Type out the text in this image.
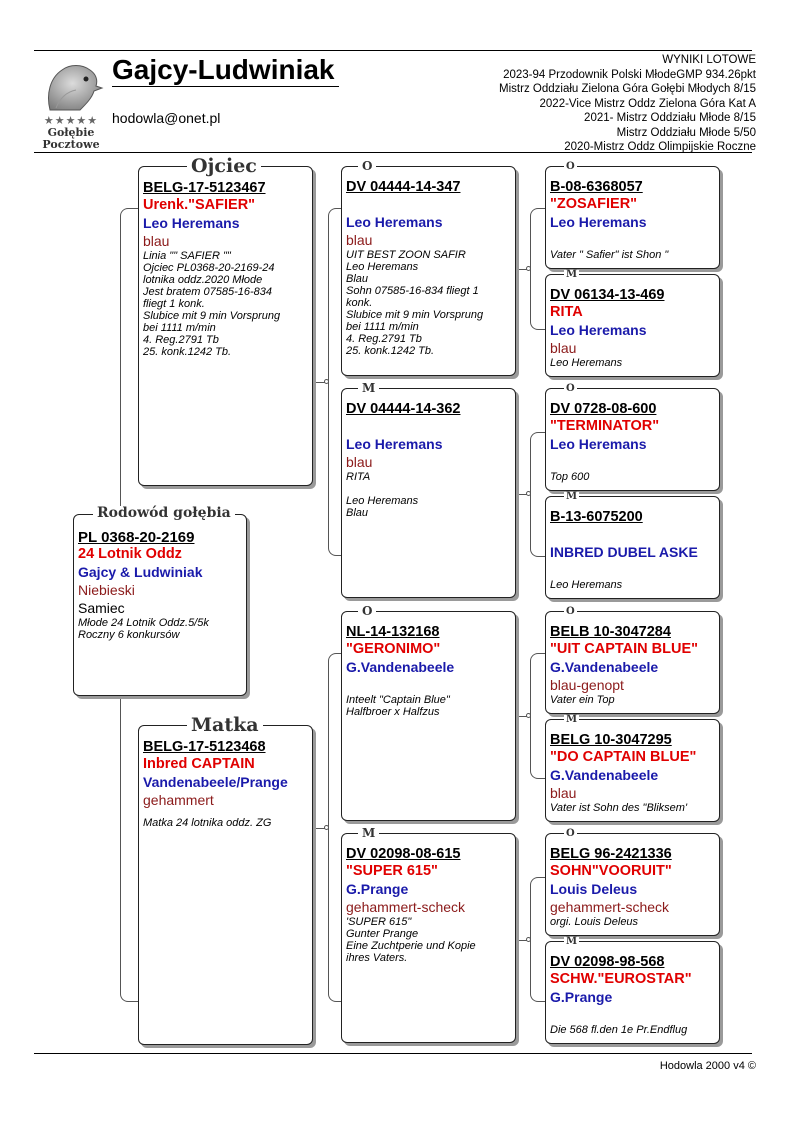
★★★★★
Gołębie
Pocztowe
Gajcy-Ludwiniak
hodowla@onet.pl
WYNIKI LOTOWE
2023-94 Przodownik Polski MłodeGMP 934.26pkt
Mistrz Oddziału Zielona Góra Gołębi Młodych 8/15
2022-Vice Mistrz Oddz Zielona Góra Kat A
2021- Mistrz Oddziału Młode 8/15
Mistrz Oddziału Młode 5/50
2020-Mistrz Oddz Olimpijskie Roczne
PL 0368-20-2169
24 Lotnik Oddz
Gajcy & Ludwiniak
Niebieski
Samiec
Młode 24 Lotnik Oddz.5/5k
Roczny 6 konkursów
Rodowód gołębia
BELG-17-5123467
Urenk."SAFIER"
Leo Heremans
blau
Linia "" SAFIER ""
Ojciec PL0368-20-2169-24
lotnika oddz.2020 Młode
Jest bratem 07585-16-834
fliegt 1 konk.
Slubice mit 9 min Vorsprung
bei 1111 m/min
4. Reg.2791 Tb
25. konk.1242 Tb.
Ojciec
BELG-17-5123468
Inbred CAPTAIN
Vandenabeele/Prange
gehammert
Matka 24 lotnika oddz. ZG
Matka
DV 04444-14-347

Leo Heremans
blau
UIT BEST ZOON SAFIR
Leo Heremans
Blau
Sohn 07585-16-834 fliegt 1
konk.
Slubice mit 9 min Vorsprung
bei 1111 m/min
4. Reg.2791 Tb
25. konk.1242 Tb.
O
DV 04444-14-362

Leo Heremans
blau
RITA

Leo Heremans
Blau
M
NL-14-132168
"GERONIMO"
G.Vandenabeele

Inteelt "Captain Blue"
Halfbroer x Halfzus
O
DV 02098-08-615
"SUPER 615"
G.Prange
gehammert-scheck
'SUPER 615"
Gunter Prange
Eine Zuchtperie und Kopie
ihres Vaters.
M
B-08-6368057
"ZOSAFIER"
Leo Heremans

Vater " Safier" ist Shon "
O
DV 06134-13-469
RITA
Leo Heremans
blau
Leo Heremans
M
DV 0728-08-600
"TERMINATOR"
Leo Heremans

Top 600
O
B-13-6075200

INBRED DUBEL ASKE

Leo Heremans
M
BELB 10-3047284
"UIT CAPTAIN BLUE"
G.Vandenabeele
blau-genopt
Vater ein Top
O
BELG 10-3047295
"DO CAPTAIN BLUE"
G.Vandenabeele
blau
Vater ist Sohn des "Bliksem'
M
BELG 96-2421336
SOHN"VOORUIT"
Louis Deleus
gehammert-scheck
orgi. Louis Deleus
O
DV 02098-98-568
SCHW."EUROSTAR"
G.Prange

Die 568 fl.den 1e Pr.Endflug
M
Hodowla 2000 v4 ©
